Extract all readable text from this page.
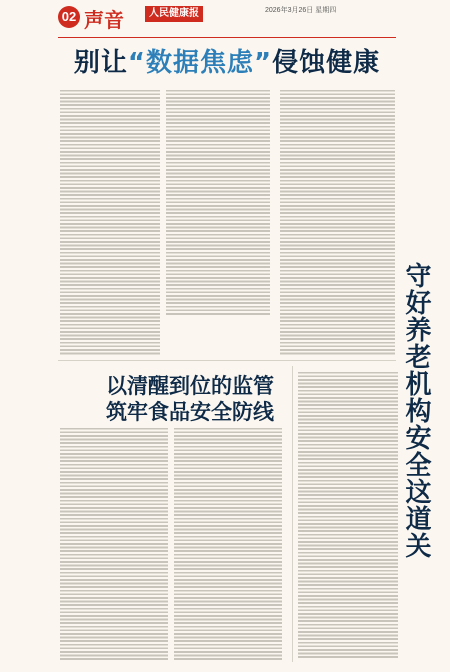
02 声音	人民健康报	2026年3月26日 星期四
别让“数据焦虑”侵蚀健康
以清醒到位的监管
筑牢食品安全防线	守好养老机构安全这道关
